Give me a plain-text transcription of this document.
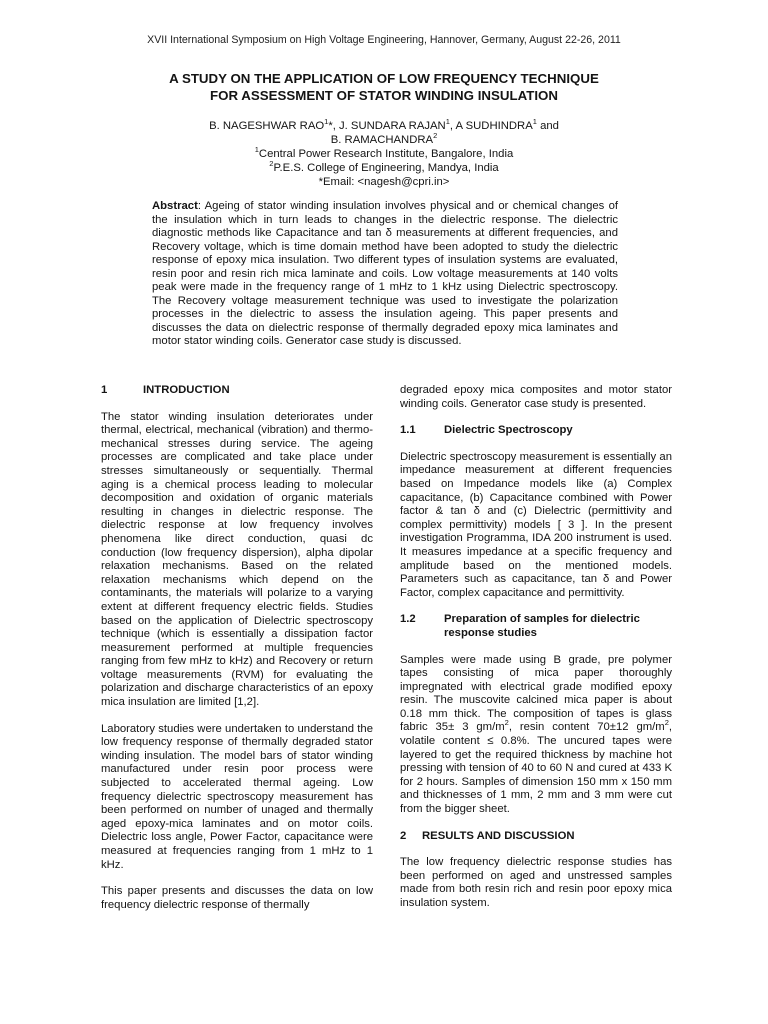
XVII International Symposium on High Voltage Engineering, Hannover, Germany, August 22-26, 2011
A STUDY ON THE APPLICATION OF LOW FREQUENCY TECHNIQUE
FOR ASSESSMENT OF STATOR WINDING INSULATION
B. NAGESHWAR RAO$^1$*, J. SUNDARA RAJAN$^1$, A SUDHINDRA$^1$ and
B. RAMACHANDRA$^2$
$^1$Central Power Research Institute, Bangalore, India
$^2$P.E.S. College of Engineering, Mandya, India
*Email: <nagesh@cpri.in>
Abstract: Ageing of stator winding insulation involves physical and or chemical changes of the insulation which in turn leads to changes in the dielectric response. The dielectric diagnostic methods like Capacitance and tan δ measurements at different frequencies, and Recovery voltage, which is time domain method have been adopted to study the dielectric response of epoxy mica insulation. Two different types of insulation systems are evaluated, resin poor and resin rich mica laminate and coils. Low voltage measurements at 140 volts peak were made in the frequency range of 1 mHz to 1 kHz using Dielectric spectroscopy. The Recovery voltage measurement technique was used to investigate the polarization processes in the dielectric to assess the insulation ageing. This paper presents and discusses the data on dielectric response of thermally degraded epoxy mica laminates and motor stator winding coils. Generator case study is discussed.
1	INTRODUCTION

The stator winding insulation deteriorates under thermal, electrical, mechanical (vibration) and thermo-mechanical stresses during service. The ageing processes are complicated and take place under stresses simultaneously or sequentially. Thermal aging is a chemical process leading to molecular decomposition and oxidation of organic materials resulting in changes in dielectric response. The dielectric response at low frequency involves phenomena like direct conduction, quasi dc conduction (low frequency dispersion), alpha dipolar relaxation mechanisms. Based on the related relaxation mechanisms which depend on the contaminants, the materials will polarize to a varying extent at different frequency electric fields. Studies based on the application of Dielectric spectroscopy technique (which is essentially a dissipation factor measurement performed at multiple frequencies ranging from few mHz to kHz) and Recovery or return voltage measurements (RVM) for evaluating the polarization and discharge characteristics of an epoxy mica insulation are limited [1,2].

Laboratory studies were undertaken to understand the low frequency response of thermally degraded stator winding insulation. The model bars of stator winding manufactured under resin poor process were subjected to accelerated thermal ageing. Low frequency dielectric spectroscopy measurement has been performed on number of unaged and thermally aged epoxy-mica laminates and on motor coils. Dielectric loss angle, Power Factor, capacitance were measured at frequencies ranging from 1 mHz to 1 kHz.

This paper presents and discusses the data on low frequency dielectric response of thermally

degraded epoxy mica composites and motor stator winding coils. Generator case study is presented.

1.1	Dielectric Spectroscopy

Dielectric spectroscopy measurement is essentially an impedance measurement at different frequencies based on Impedance models like (a) Complex capacitance, (b) Capacitance combined with Power factor & tan δ and (c) Dielectric (permittivity and complex permittivity) models [ 3 ]. In the present investigation Programma, IDA 200 instrument is used. It measures impedance at a specific frequency and amplitude based on the mentioned models. Parameters such as capacitance, tan δ and Power Factor, complex capacitance and permittivity.

1.2	Preparation of samples for dielectric response studies

Samples were made using B grade, pre polymer tapes consisting of mica paper thoroughly impregnated with electrical grade modified epoxy resin. The muscovite calcined mica paper is about 0.18 mm thick. The composition of tapes is glass fabric 35± 3 $gm/m^2$, resin content 70±12 $gm/m^2$, volatile content ≤ 0.8%. The uncured tapes were layered to get the required thickness by machine hot pressing with tension of 40 to 60 N and cured at 433 K for 2 hours. Samples of dimension 150 mm x 150 mm and thicknesses of 1 mm, 2 mm and 3 mm were cut from the bigger sheet.

2 RESULTS AND DISCUSSION

The low frequency dielectric response studies has been performed on aged and unstressed samples made from both resin rich and resin poor epoxy mica insulation system.
